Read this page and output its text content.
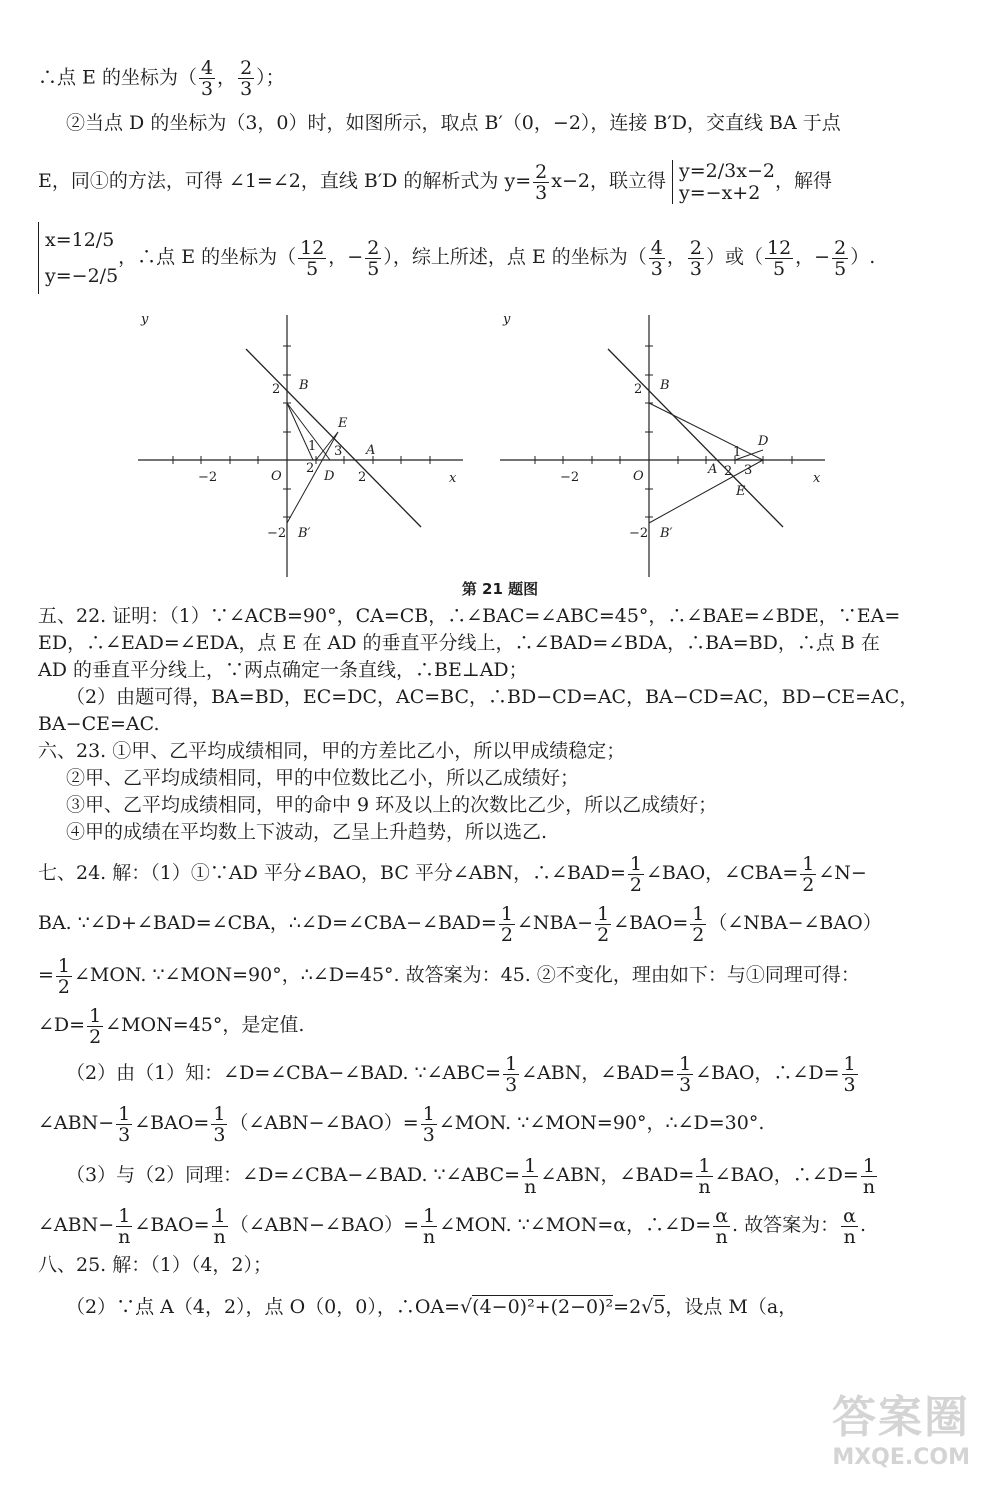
∴点 E 的坐标为（ $\frac{4}{3}$ ， $\frac{2}{3}$ ）；
②当点 D 的坐标为（3，0）时，如图所示，取点 B′（0，−2），连接 B′D，交直线 BA 于点
E，同①的方法，可得 ∠1=∠2，直线 B′D 的解析式为 $y= \frac{2}{3} x-2$，联立得 y=2/3x−2
y=−x+2
，解得
x=12/5
y=−2/5
，∴点 E 的坐标为（ $\frac{12}{5}$ ，− $\frac{2}{5}$ ），综上所述，点 E 的坐标为（ $\frac{4}{3}$ ， $\frac{2}{3}$ ）或（ $\frac{12}{5}$ ，− $\frac{2}{5}$ ）.
y
x
O
−2	2
2 B
−2 B′
E
A
D
1
2
3
y
x
O
−2
2 B
−2 B′
D
A
E
1
2 3
第 21 题图
五、22. 证明：（1）∵∠ACB=90°，CA=CB，∴∠BAC=∠ABC=45°，∴∠BAE=∠BDE，∵EA=
ED，∴∠EAD=∠EDA，点 E 在 AD 的垂直平分线上，∴∠BAD=∠BDA，∴BA=BD，∴点 B 在
AD 的垂直平分线上，∵两点确定一条直线，∴BE⊥AD；
（2）由题可得，BA=BD，EC=DC，AC=BC，∴BD−CD=AC，BA−CD=AC，BD−CE=AC，
BA−CE=AC.
六、23. ①甲、乙平均成绩相同，甲的方差比乙小，所以甲成绩稳定；
②甲、乙平均成绩相同，甲的中位数比乙小，所以乙成绩好；
③甲、乙平均成绩相同，甲的命中 9 环及以上的次数比乙少，所以乙成绩好；
④甲的成绩在平均数上下波动，乙呈上升趋势，所以选乙.
七、24. 解：（1）①∵AD 平分∠BAO，BC 平分∠ABN，∴∠BAD= $\frac{1}{2}$ ∠BAO，∠CBA= $\frac{1}{2}$ ∠N−
BA. ∵∠D+∠BAD=∠CBA，∴∠D=∠CBA−∠BAD= $\frac{1}{2}$ ∠NBA− $\frac{1}{2}$ ∠BAO= $\frac{1}{2}$ （∠NBA−∠BAO）
= $\frac{1}{2}$ ∠MON. ∵∠MON=90°，∴∠D=45°. 故答案为：45. ②不变化，理由如下：与①同理可得：
∠D= $\frac{1}{2}$ ∠MON=45°，是定值.
（2）由（1）知：∠D=∠CBA−∠BAD. ∵∠ABC= $\frac{1}{3}$ ∠ABN，∠BAD= $\frac{1}{3}$ ∠BAO，∴∠D= $\frac{1}{3}$
∠ABN− $\frac{1}{3}$ ∠BAO= $\frac{1}{3}$ （∠ABN−∠BAO）= $\frac{1}{3}$ ∠MON. ∵∠MON=90°，∴∠D=30°.
（3）与（2）同理：∠D=∠CBA−∠BAD. ∵∠ABC= $\frac{1}{n}$ ∠ABN，∠BAD= $\frac{1}{n}$ ∠BAO，∴∠D= $\frac{1}{n}$
∠ABN− $\frac{1}{n}$ ∠BAO= $\frac{1}{n}$ （∠ABN−∠BAO）= $\frac{1}{n}$ ∠MON. ∵∠MON=α，∴∠D= $\frac{\alpha}{n}$ . 故答案为： $\frac{\alpha}{n}$ .
八、25. 解：（1）（4，2）；
（2）∵点 A（4，2），点 O（0，0），∴OA=√(4−0)²+(2−0)²=2√5，设点 M（a，
答案圈
MXQE.COM
